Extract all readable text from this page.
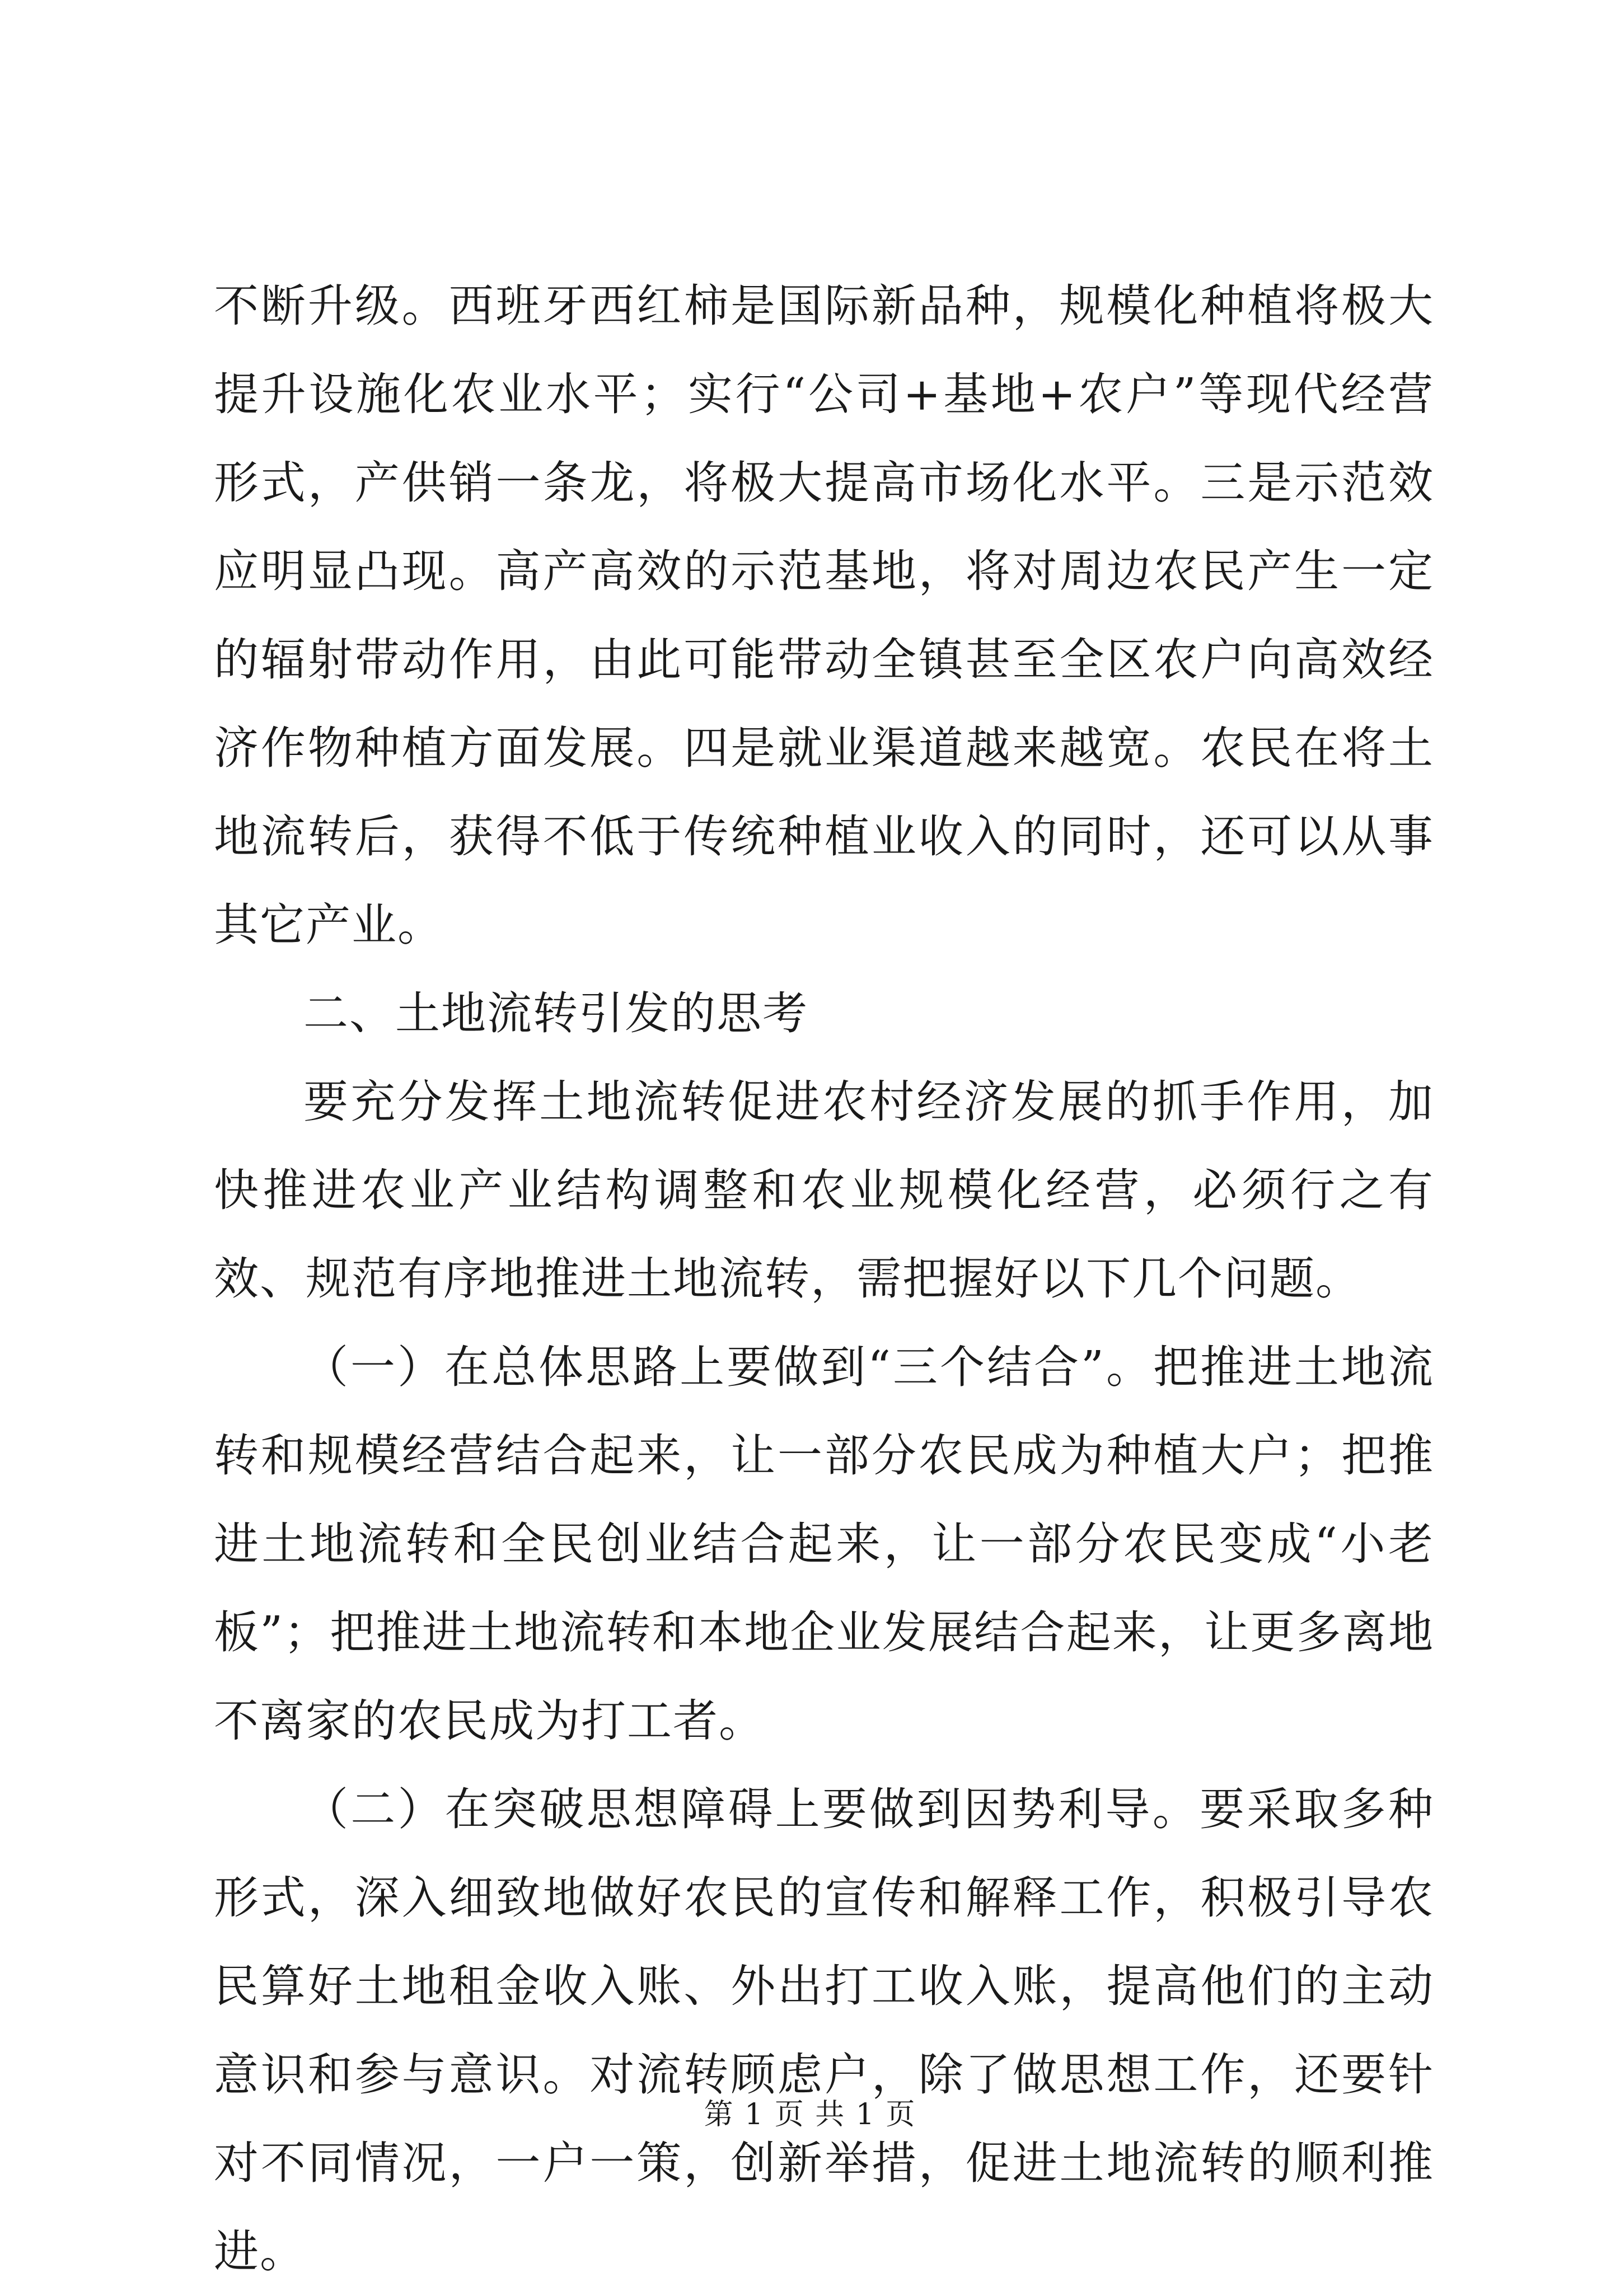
不断升级。西班牙西红柿是国际新品种，规模化种植将极大提升设施化农业水平；实行“公司+基地+农户”等现代经营形式，产供销一条龙，将极大提高市场化水平。三是示范效应明显凸现。高产高效的示范基地，将对周边农民产生一定的辐射带动作用，由此可能带动全镇甚至全区农户向高效经济作物种植方面发展。四是就业渠道越来越宽。农民在将土地流转后，获得不低于传统种植业收入的同时，还可以从事其它产业。

二、土地流转引发的思考

要充分发挥土地流转促进农村经济发展的抓手作用，加快推进农业产业结构调整和农业规模化经营，必须行之有效、规范有序地推进土地流转，需把握好以下几个问题。

（一）在总体思路上要做到“三个结合”。把推进土地流转和规模经营结合起来，让一部分农民成为种植大户；把推进土地流转和全民创业结合起来，让一部分农民变成“小老板”；把推进土地流转和本地企业发展结合起来，让更多离地不离家的农民成为打工者。

（二）在突破思想障碍上要做到因势利导。要采取多种形式，深入细致地做好农民的宣传和解释工作，积极引导农民算好土地租金收入账、外出打工收入账，提高他们的主动意识和参与意识。对流转顾虑户，除了做思想工作，还要针对不同情况，一户一策，创新举措，促进土地流转的顺利推进。

第 1 页 共 1 页
